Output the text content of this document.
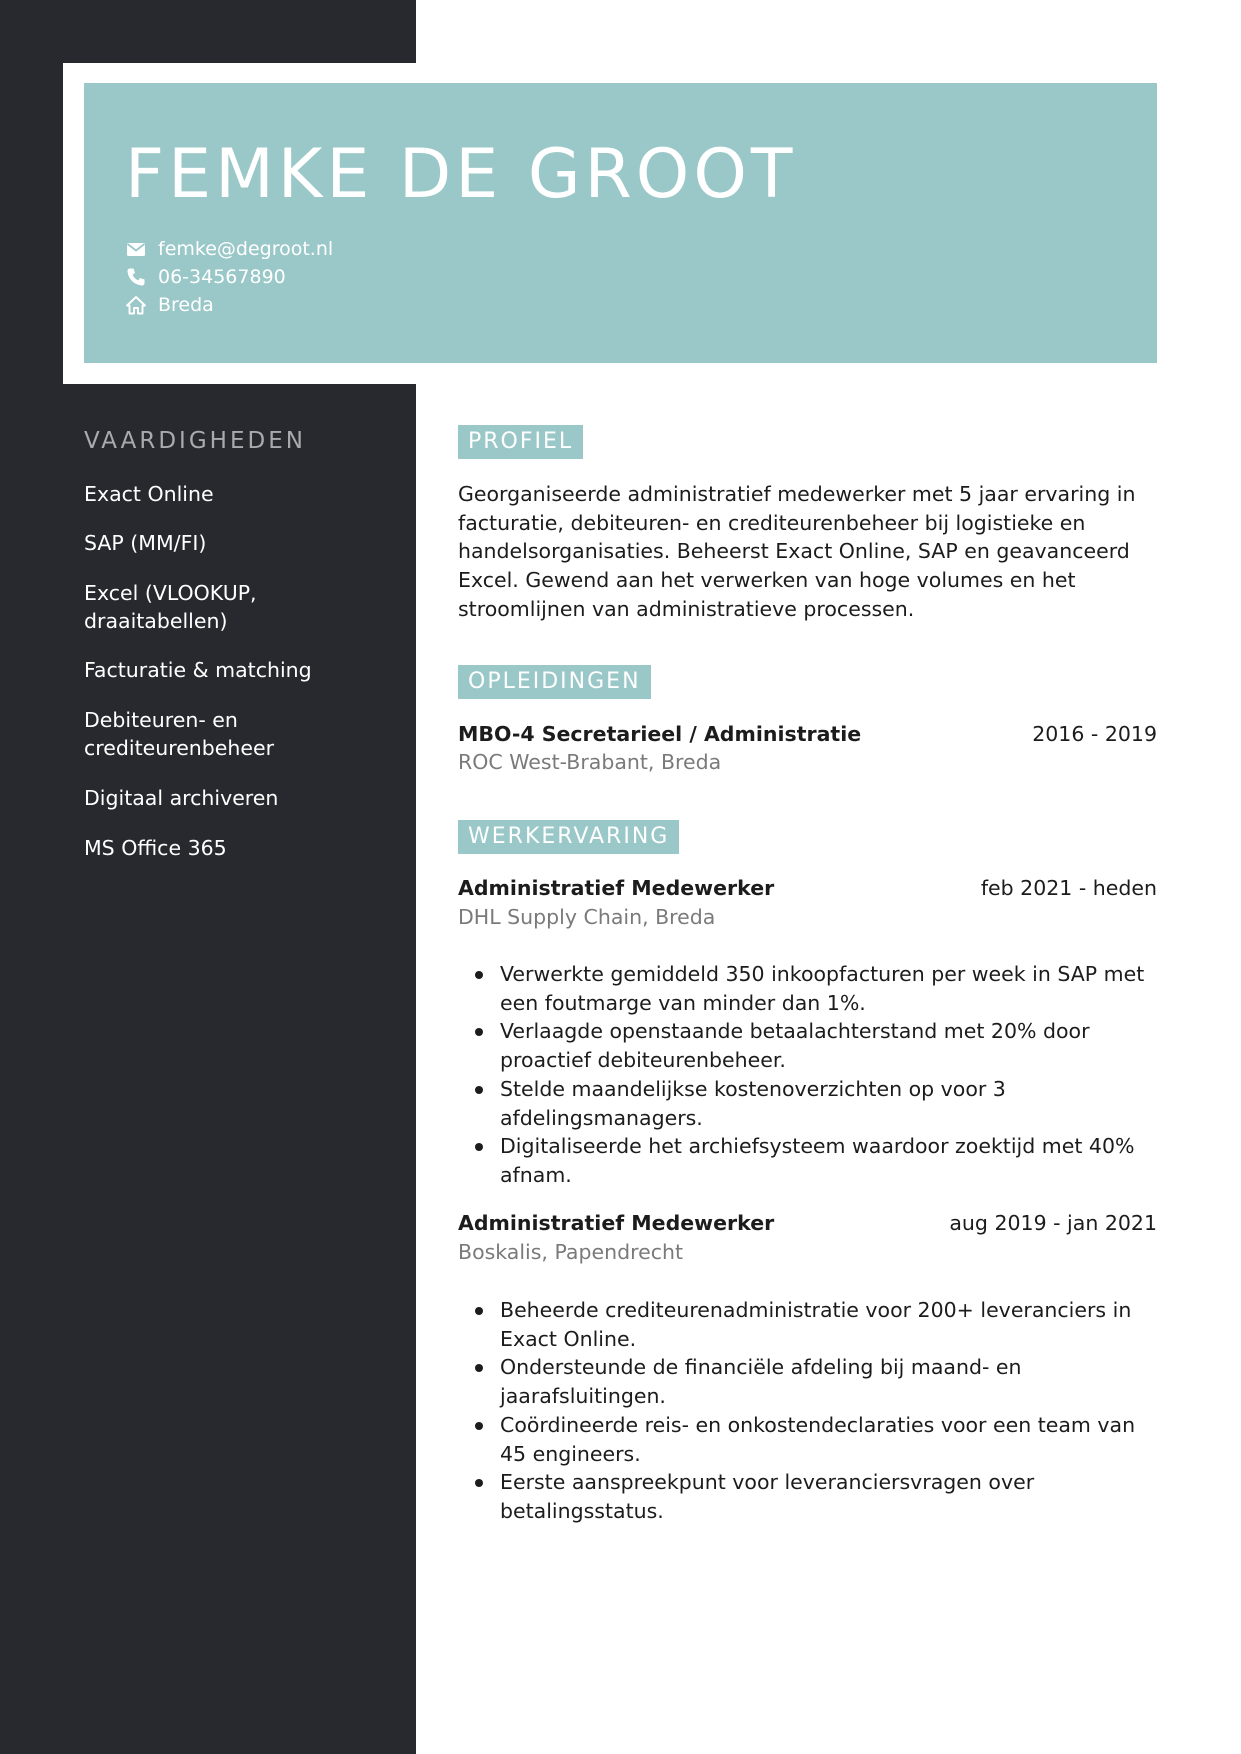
FEMKE DE GROOT
femke@degroot.nl
06-34567890
Breda
VAARDIGHEDEN
Exact Online
SAP (MM/FI)
Excel (VLOOKUP, draaitabellen)
Facturatie & matching
Debiteuren- en crediteurenbeheer
Digitaal archiveren
MS Office 365
PROFIEL

Georganiseerde administratief medewerker met 5 jaar ervaring in facturatie, debiteuren- en crediteurenbeheer bij logistieke en handelsorganisaties. Beheerst Exact Online, SAP en geavanceerd Excel. Gewend aan het verwerken van hoge volumes en het stroomlijnen van administratieve processen.

OPLEIDINGEN
MBO-4 Secretarieel / Administratie	2016 - 2019
ROC West-Brabant, Breda
WERKERVARING
Administratief Medewerker	feb 2021 - heden
DHL Supply Chain, Breda
Verwerkte gemiddeld 350 inkoopfacturen per week in SAP met een foutmarge van minder dan 1%.
Verlaagde openstaande betaalachterstand met 20% door proactief debiteurenbeheer.
Stelde maandelijkse kostenoverzichten op voor 3 afdelingsmanagers.
Digitaliseerde het archiefsysteem waardoor zoektijd met 40% afnam.
Administratief Medewerker	aug 2019 - jan 2021
Boskalis, Papendrecht
Beheerde crediteurenadministratie voor 200+ leveranciers in Exact Online.
Ondersteunde de financiële afdeling bij maand- en jaarafsluitingen.
Coördineerde reis- en onkostendeclaraties voor een team van 45 engineers.
Eerste aanspreekpunt voor leveranciersvragen over betalingsstatus.
